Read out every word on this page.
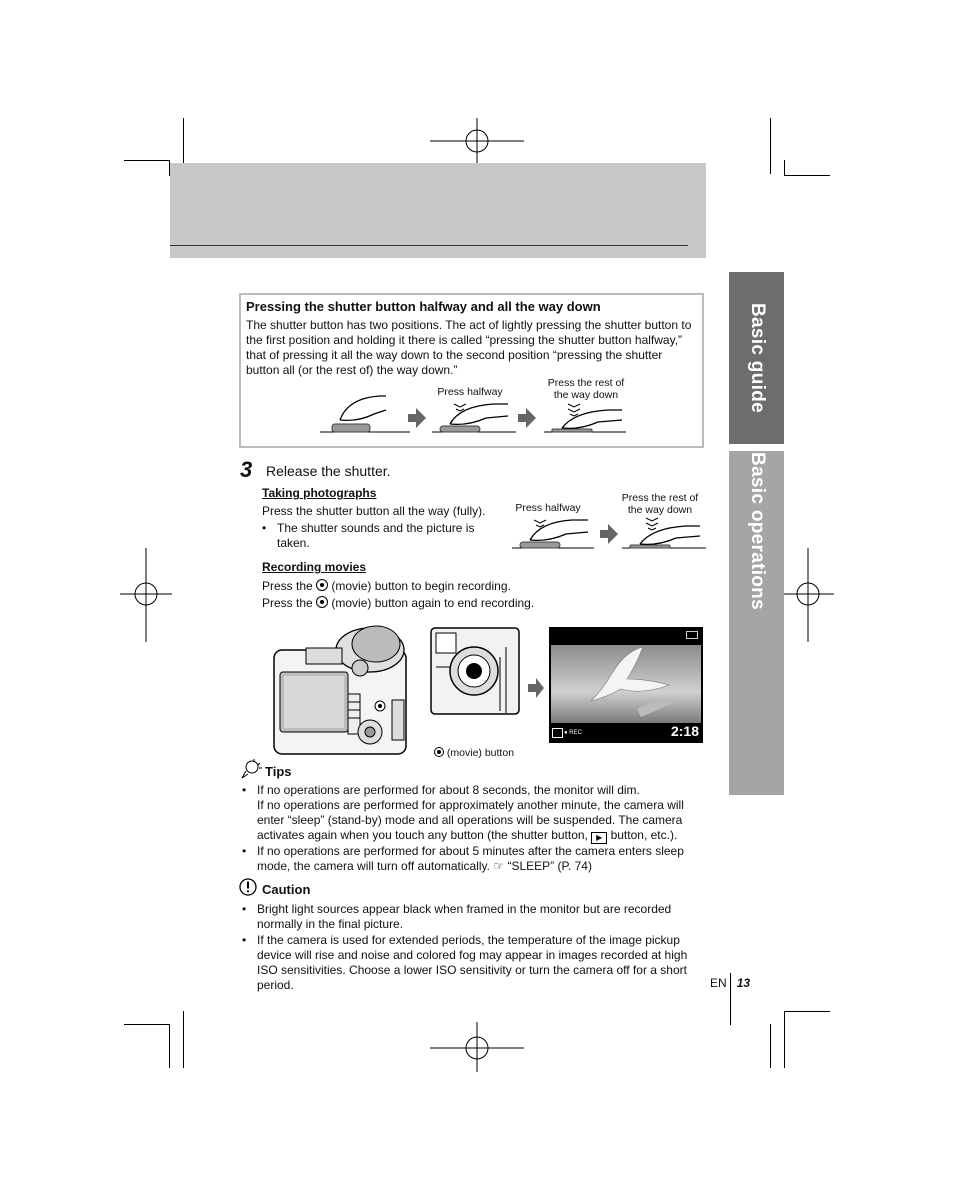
Basic guide
Basic operations
Pressing the shutter button halfway and all the way down
The shutter button has two positions. The act of lightly pressing the shutter button to the first position and holding it there is called “pressing the shutter button halfway,” that of pressing it all the way down to the second position “pressing the shutter button all (or the rest of) the way down.”
Press halfway
Press the rest of
the way down
3 Release the shutter.
Taking photographs
Press the shutter button all the way (fully).
• The shutter sounds and the picture is taken.
Press halfway
Press the rest of
the way down
Recording movies
Press the (movie) button to begin recording.
Press the (movie) button again to end recording.
(movie) button
● REC	2:18
Tips
• If no operations are performed for about 8 seconds, the monitor will dim.
If no operations are performed for approximately another minute, the camera will enter “sleep” (stand-by) mode and all operations will be suspended. The camera activates again when you touch any button (the shutter button, ▶ button, etc.).
• If no operations are performed for about 5 minutes after the camera enters sleep mode, the camera will turn off automatically. ☞ “SLEEP” (P. 74)
Caution
• Bright light sources appear black when framed in the monitor but are recorded normally in the final picture.
• If the camera is used for extended periods, the temperature of the image pickup device will rise and noise and colored fog may appear in images recorded at high ISO sensitivities. Choose a lower ISO sensitivity or turn the camera off for a short period.	EN 13
